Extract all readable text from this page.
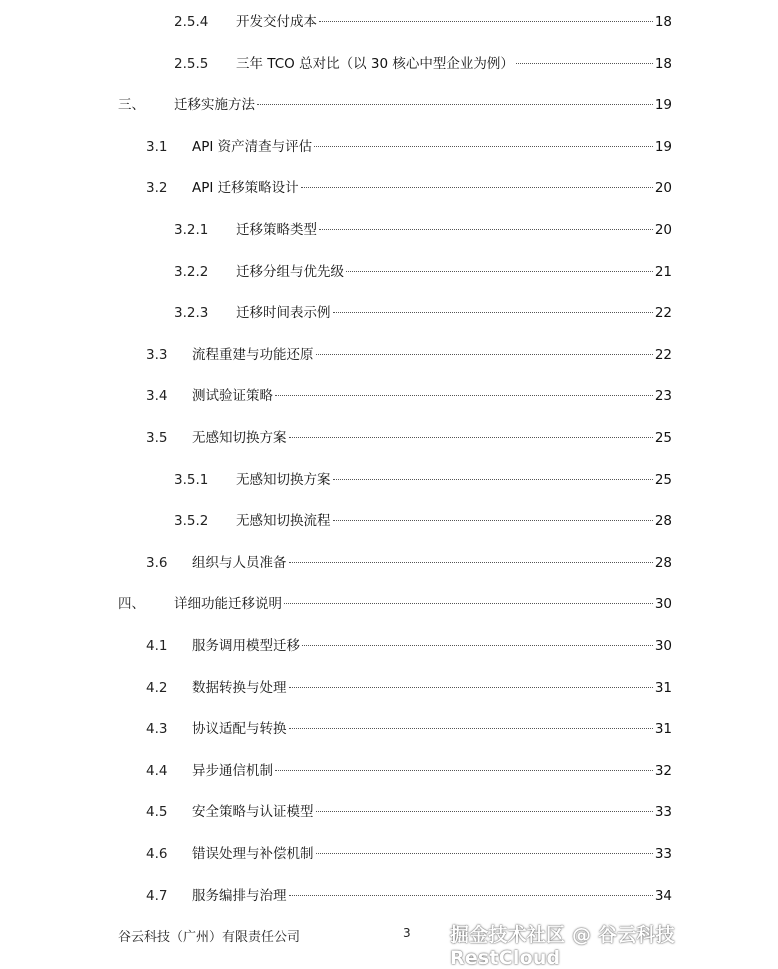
2.5.4	开发交付成本	18
2.5.5	三年 TCO 总对比（以 30 核心中型企业为例）	18
三、	迁移实施方法	19
3.1	API 资产清查与评估	19
3.2	API 迁移策略设计	20
3.2.1	迁移策略类型	20
3.2.2	迁移分组与优先级	21
3.2.3	迁移时间表示例	22
3.3	流程重建与功能还原	22
3.4	测试验证策略	23
3.5	无感知切换方案	25
3.5.1	无感知切换方案	25
3.5.2	无感知切换流程	28
3.6	组织与人员准备	28
四、	详细功能迁移说明	30
4.1	服务调用模型迁移	30
4.2	数据转换与处理	31
4.3	协议适配与转换	31
4.4	异步通信机制	32
4.5	安全策略与认证模型	33
4.6	错误处理与补偿机制	33
4.7	服务编排与治理	34
谷云科技（广州）有限责任公司	3 掘金技术社区 @ 谷云科技RestCloud
